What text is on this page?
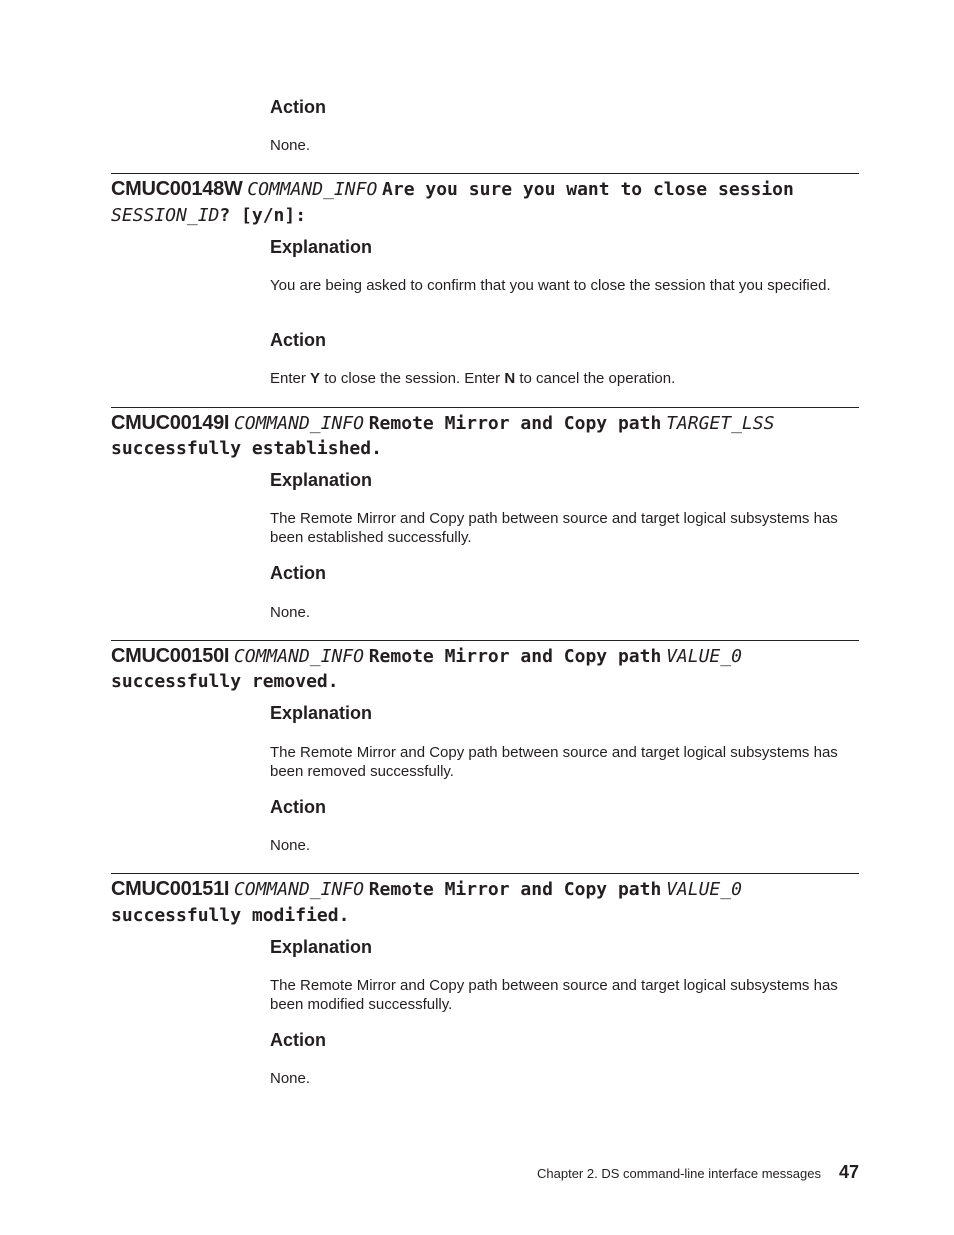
Action
None.
CMUC00148W COMMAND_INFO Are you sure you want to close session
SESSION_ID? [y/n]:
Explanation
You are being asked to confirm that you want to close the session that you specified.
Action
Enter Y to close the session. Enter N to cancel the operation.
CMUC00149I COMMAND_INFO Remote Mirror and Copy path TARGET_LSS
successfully established.
Explanation
The Remote Mirror and Copy path between source and target logical subsystems has been established successfully.
Action
None.
CMUC00150I COMMAND_INFO Remote Mirror and Copy path VALUE_0
successfully removed.
Explanation
The Remote Mirror and Copy path between source and target logical subsystems has been removed successfully.
Action
None.
CMUC00151I COMMAND_INFO Remote Mirror and Copy path VALUE_0
successfully modified.
Explanation
The Remote Mirror and Copy path between source and target logical subsystems has been modified successfully.
Action
None.
Chapter 2. DS command-line interface messages 47
